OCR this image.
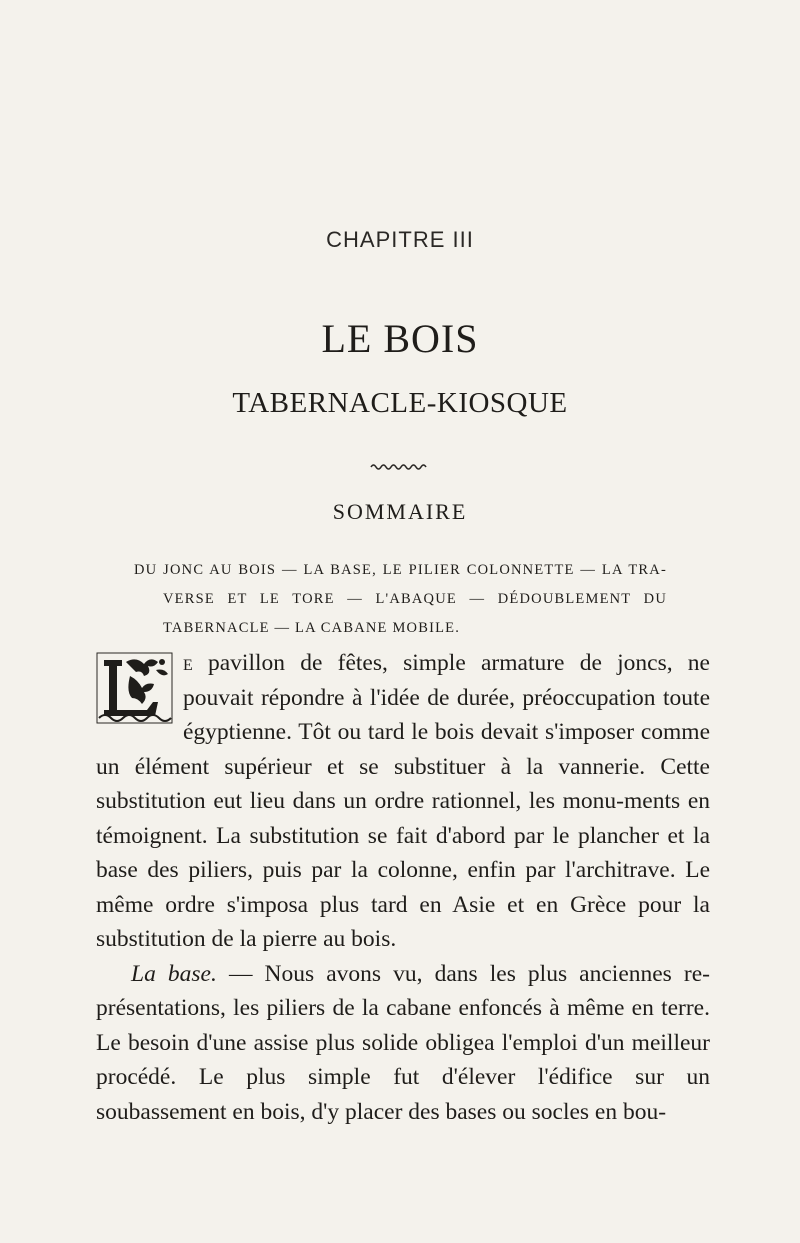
CHAPITRE III
LE BOIS
TABERNACLE-KIOSQUE
SOMMAIRE
DU JONC AU BOIS — LA BASE, LE PILIER COLONNETTE — LA TRA-
VERSE ET LE TORE — L'ABAQUE — DÉDOUBLEMENT DU
TABERNACLE — LA CABANE MOBILE.

e pavillon de fêtes, simple armature de joncs, ne pouvait répondre à l'idée de durée, préoccupation toute égyptienne. Tôt ou tard le bois devait s'imposer comme un élément supérieur et se substituer à la vannerie. Cette substitution eut lieu dans un ordre rationnel, les monu-ments en témoignent. La substitution se fait d'abord par le plancher et la base des piliers, puis par la colonne, enfin par l'architrave. Le même ordre s'imposa plus tard en Asie et en Grèce pour la substitution de la pierre au bois.

La base. — Nous avons vu, dans les plus anciennes re-présentations, les piliers de la cabane enfoncés à même en terre. Le besoin d'une assise plus solide obligea l'emploi d'un meilleur procédé. Le plus simple fut d'élever l'édifice sur un soubassement en bois, d'y placer des bases ou socles en bou-
